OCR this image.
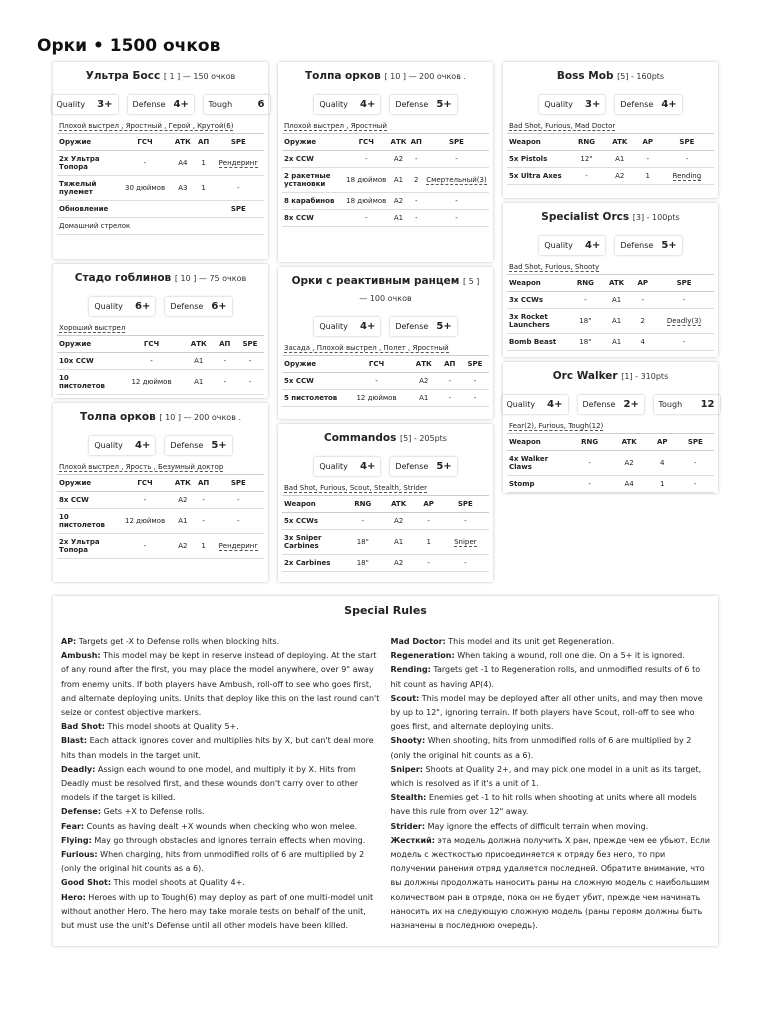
Орки • 1500 очков
Ультра Босс [ 1 ] — 150 очков
Quality 3+	Defense 4+ Tough	6
Плохой выстрел , Яростный , Герой , Крутой(6)
Оружие	ГСЧ	АТК	АП	SPE
2x Ультра Топора	-	A4	1	Рендеринг
Тяжелый пулемет	30 дюймов	A3	1	-
Обновление				SPE
Домашний стрелок				
Стадо гоблинов [ 10 ] — 75 очков
Quality 6+	Defense 6+
Хороший выстрел
Оружие	ГСЧ	АТК	АП	SPE
10x CCW	-	A1	-	-
10 пистолетов	12 дюймов	A1	-	-
Толпа орков [ 10 ] — 200 очков .
Quality 4+	Defense 5+
Плохой выстрел , Ярость , Безумный доктор
Оружие	ГСЧ	АТК	АП	SPE
8x CCW	-	A2	-	-
10 пистолетов	12 дюймов	A1	-	-
2x Ультра Топора	-	A2	1	Рендеринг
Толпа орков [ 10 ] — 200 очков .
Quality 4+	Defense 5+
Плохой выстрел , Яростный
Оружие	ГСЧ	АТК	АП	SPE
2x CCW	-	A2	-	-
2 ракетные установки	18 дюймов	A1	2	Смертельный(3)
8 карабинов	18 дюймов	A2	-	-
8x CCW	-	A1	-	-
Орки с реактивным ранцем [ 5 ] — 100 очков
Quality 4+	Defense 5+
Засада , Плохой выстрел , Полет , Яростный
Оружие	ГСЧ	АТК	АП	SPE
5x CCW	-	A2	-	-
5 пистолетов	12 дюймов	A1	-	-
Commandos [5] - 205pts
Quality 4+	Defense 5+
Bad Shot, Furious, Scout, Stealth, Strider
Weapon	RNG	ATK	AP	SPE
5x CCWs	-	A2	-	-
3x Sniper Carbines	18"	A1	1	Sniper
2x Carbines	18"	A2	-	-
Boss Mob [5] - 160pts
Quality 3+	Defense 4+
Bad Shot, Furious, Mad Doctor
Weapon	RNG	ATK	AP	SPE
5x Pistols	12"	A1	-	-
5x Ultra Axes	-	A2	1	Rending
Specialist Orcs [3] - 100pts
Quality 4+	Defense 5+
Bad Shot, Furious, Shooty
Weapon	RNG	ATK	AP	SPE
3x CCWs	-	A1	-	-
3x Rocket Launchers	18"	A1	2	Deadly(3)
Bomb Beast	18"	A1	4	-
Orc Walker [1] - 310pts
Quality 4+	Defense 2+ Tough 12
Fear(2), Furious, Tough(12)
Weapon	RNG	ATK	AP	SPE
4x Walker Claws	-	A2	4	-
Stomp	-	A4	1	-
Special Rules
AP: Targets get -X to Defense rolls when blocking hits.
Ambush: This model may be kept in reserve instead of deploying. At the start of any round after the first, you may place the model anywhere, over 9" away from enemy units. If both players have Ambush, roll-off to see who goes first, and alternate deploying units. Units that deploy like this on the last round can't seize or contest objective markers.
Bad Shot: This model shoots at Quality 5+.
Blast: Each attack ignores cover and multiplies hits by X, but can't deal more hits than models in the target unit.
Deadly: Assign each wound to one model, and multiply it by X. Hits from Deadly must be resolved first, and these wounds don't carry over to other models if the target is killed.
Defense: Gets +X to Defense rolls.
Fear: Counts as having dealt +X wounds when checking who won melee.
Flying: May go through obstacles and ignores terrain effects when moving.
Furious: When charging, hits from unmodified rolls of 6 are multiplied by 2 (only the original hit counts as a 6).
Good Shot: This model shoots at Quality 4+.
Hero: Heroes with up to Tough(6) may deploy as part of one multi-model unit without another Hero. The hero may take morale tests on behalf of the unit, but must use the unit's Defense until all other models have been killed.
Mad Doctor: This model and its unit get Regeneration.
Regeneration: When taking a wound, roll one die. On a 5+ it is ignored.
Rending: Targets get -1 to Regeneration rolls, and unmodified results of 6 to hit count as having AP(4).
Scout: This model may be deployed after all other units, and may then move by up to 12", ignoring terrain. If both players have Scout, roll-off to see who goes first, and alternate deploying units.
Shooty: When shooting, hits from unmodified rolls of 6 are multiplied by 2 (only the original hit counts as a 6).
Sniper: Shoots at Quality 2+, and may pick one model in a unit as its target, which is resolved as if it's a unit of 1.
Stealth: Enemies get -1 to hit rolls when shooting at units where all models have this rule from over 12" away.
Strider: May ignore the effects of difficult terrain when moving.
Жесткий: эта модель должна получить X ран, прежде чем ее убьют. Если модель с жесткостью присоединяется к отряду без него, то при получении ранения отряд удаляется последней. Обратите внимание, что вы должны продолжать наносить раны на сложную модель с наибольшим количеством ран в отряде, пока он не будет убит, прежде чем начинать наносить их на следующую сложную модель (раны героям должны быть назначены в последнюю очередь).
